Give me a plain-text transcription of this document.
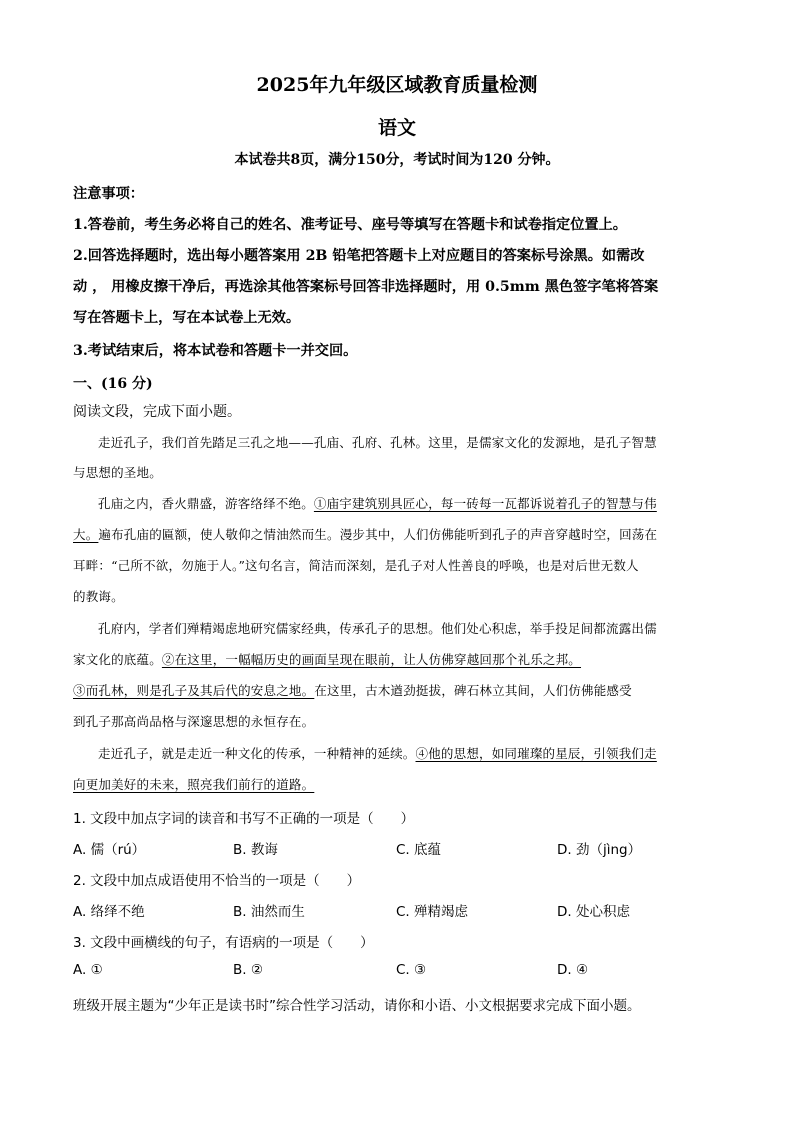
2025年九年级区域教育质量检测
语文
本试卷共8页，满分150分，考试时间为120 分钟。
注意事项：
1.答卷前，考生务必将自己的姓名、准考证号、座号等填写在答题卡和试卷指定位置上。
2.回答选择题时，选出每小题答案用 2B 铅笔把答题卡上对应题目的答案标号涂黑。如需改
动 ， 用橡皮擦干净后，再选涂其他答案标号回答非选择题时，用 0.5mm 黑色签字笔将答案
写在答题卡上，写在本试卷上无效。
3.考试结束后，将本试卷和答题卡一并交回。
一、(16 分)
阅读文段，完成下面小题。
走近孔子，我们首先踏足三孔之地——孔庙、孔府、孔林。这里，是儒家文化的发源地，是孔子智慧
与思想的圣地。
孔庙之内，香火鼎盛，游客络绎不绝。①庙宇建筑别具匠心，每一砖每一瓦都诉说着孔子的智慧与伟
大。遍布孔庙的匾额，使人敬仰之情油然而生。漫步其中，人们仿佛能听到孔子的声音穿越时空，回荡在
耳畔：“己所不欲，勿施于人。”这句名言，简洁而深刻，是孔子对人性善良的呼唤，也是对后世无数人
的教诲。
孔府内，学者们殚精竭虑地研究儒家经典，传承孔子的思想。他们处心积虑，举手投足间都流露出儒
家文化的底蕴。②在这里，一幅幅历史的画面呈现在眼前，让人仿佛穿越回那个礼乐之邦。
③而孔林，则是孔子及其后代的安息之地。在这里，古木遒劲挺拔，碑石林立其间，人们仿佛能感受
到孔子那高尚品格与深邃思想的永恒存在。
走近孔子，就是走近一种文化的传承，一种精神的延续。④他的思想，如同璀璨的星辰，引领我们走
向更加美好的未来，照亮我们前行的道路。
1. 文段中加点字词的读音和书写不正确的一项是（　　）
A. 儒（rú）	B. 教诲	C. 底蕴	D. 劲（jìng）
2. 文段中加点成语使用不恰当的一项是（　　）
A. 络绎不绝	B. 油然而生	C. 殚精竭虑	D. 处心积虑
3. 文段中画横线的句子，有语病的一项是（　　）
A. ①	B. ②	C. ③	D. ④
班级开展主题为“少年正是读书时”综合性学习活动，请你和小语、小文根据要求完成下面小题。
